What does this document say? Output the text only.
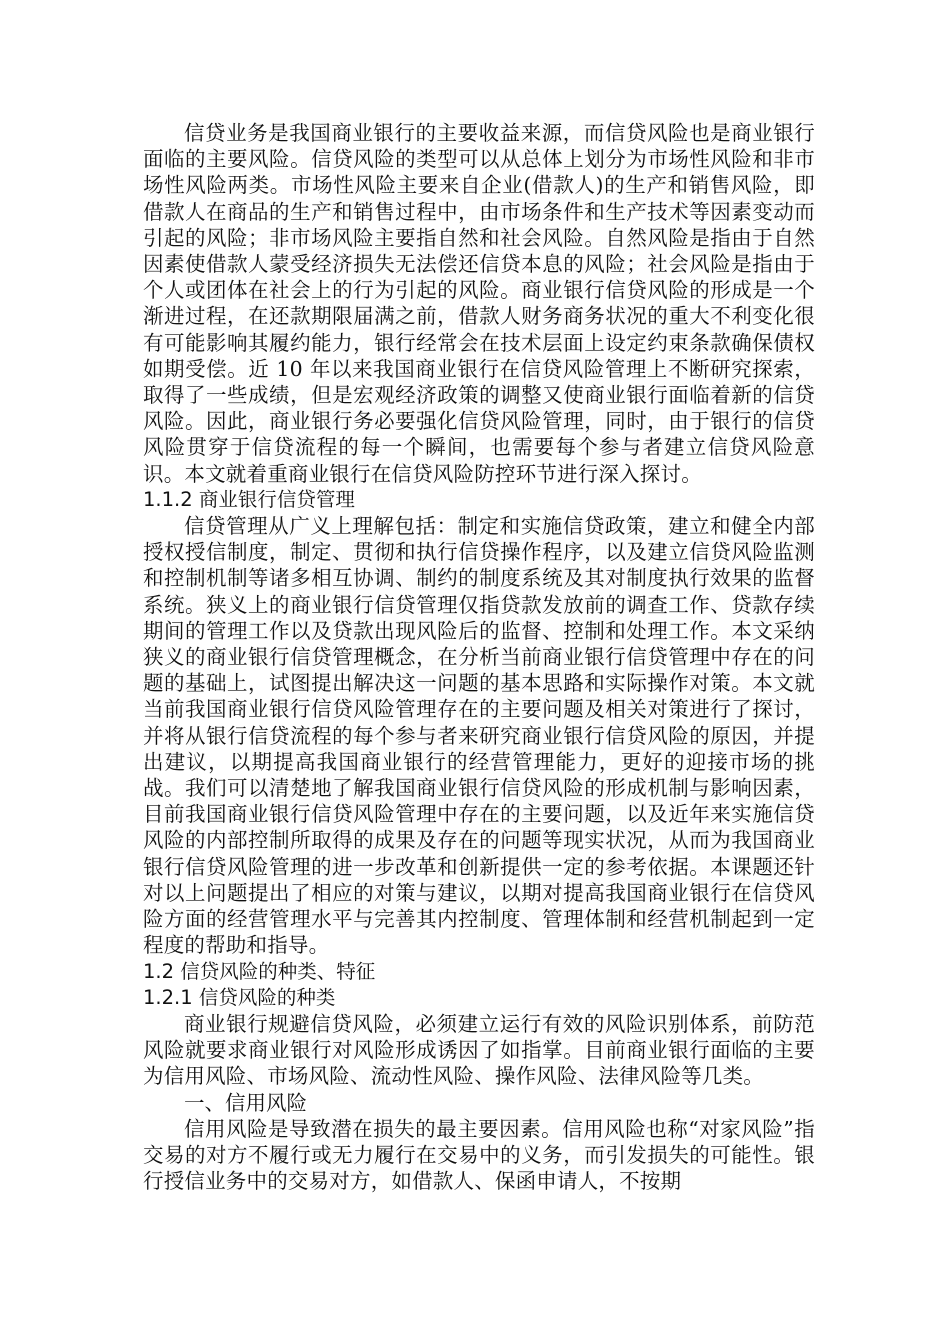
信贷业务是我国商业银行的主要收益来源，而信贷风险也是商业银行面临的主要风险。信贷风险的类型可以从总体上划分为市场性风险和非市场性风险两类。市场性风险主要来自企业(借款人)的生产和销售风险，即借款人在商品的生产和销售过程中，由市场条件和生产技术等因素变动而引起的风险；非市场风险主要指自然和社会风险。自然风险是指由于自然因素使借款人蒙受经济损失无法偿还信贷本息的风险；社会风险是指由于个人或团体在社会上的行为引起的风险。商业银行信贷风险的形成是一个渐进过程，在还款期限届满之前，借款人财务商务状况的重大不利变化很有可能影响其履约能力，银行经常会在技术层面上设定约束条款确保债权如期受偿。近 10 年以来我国商业银行在信贷风险管理上不断研究探索，取得了一些成绩，但是宏观经济政策的调整又使商业银行面临着新的信贷风险。因此，商业银行务必要强化信贷风险管理，同时，由于银行的信贷风险贯穿于信贷流程的每一个瞬间，也需要每个参与者建立信贷风险意识。本文就着重商业银行在信贷风险防控环节进行深入探讨。

1.1.2 商业银行信贷管理

信贷管理从广义上理解包括：制定和实施信贷政策，建立和健全内部授权授信制度，制定、贯彻和执行信贷操作程序，以及建立信贷风险监测和控制机制等诸多相互协调、制约的制度系统及其对制度执行效果的监督系统。狭义上的商业银行信贷管理仅指贷款发放前的调查工作、贷款存续期间的管理工作以及贷款出现风险后的监督、控制和处理工作。本文采纳狭义的商业银行信贷管理概念，在分析当前商业银行信贷管理中存在的问题的基础上，试图提出解决这一问题的基本思路和实际操作对策。本文就当前我国商业银行信贷风险管理存在的主要问题及相关对策进行了探讨，并将从银行信贷流程的每个参与者来研究商业银行信贷风险的原因，并提出建议，以期提高我国商业银行的经营管理能力，更好的迎接市场的挑战。我们可以清楚地了解我国商业银行信贷风险的形成机制与影响因素，目前我国商业银行信贷风险管理中存在的主要问题，以及近年来实施信贷风险的内部控制所取得的成果及存在的问题等现实状况，从而为我国商业银行信贷风险管理的进一步改革和创新提供一定的参考依据。本课题还针对以上问题提出了相应的对策与建议，以期对提高我国商业银行在信贷风险方面的经营管理水平与完善其内控制度、管理体制和经营机制起到一定程度的帮助和指导。

1.2 信贷风险的种类、特征
1.2.1 信贷风险的种类

商业银行规避信贷风险，必须建立运行有效的风险识别体系，前防范风险就要求商业银行对风险形成诱因了如指掌。目前商业银行面临的主要为信用风险、市场风险、流动性风险、操作风险、法律风险等几类。

一、信用风险

信用风险是导致潜在损失的最主要因素。信用风险也称“对家风险”指交易的对方不履行或无力履行在交易中的义务，而引发损失的可能性。银行授信业务中的交易对方，如借款人、保函申请人，不按期
